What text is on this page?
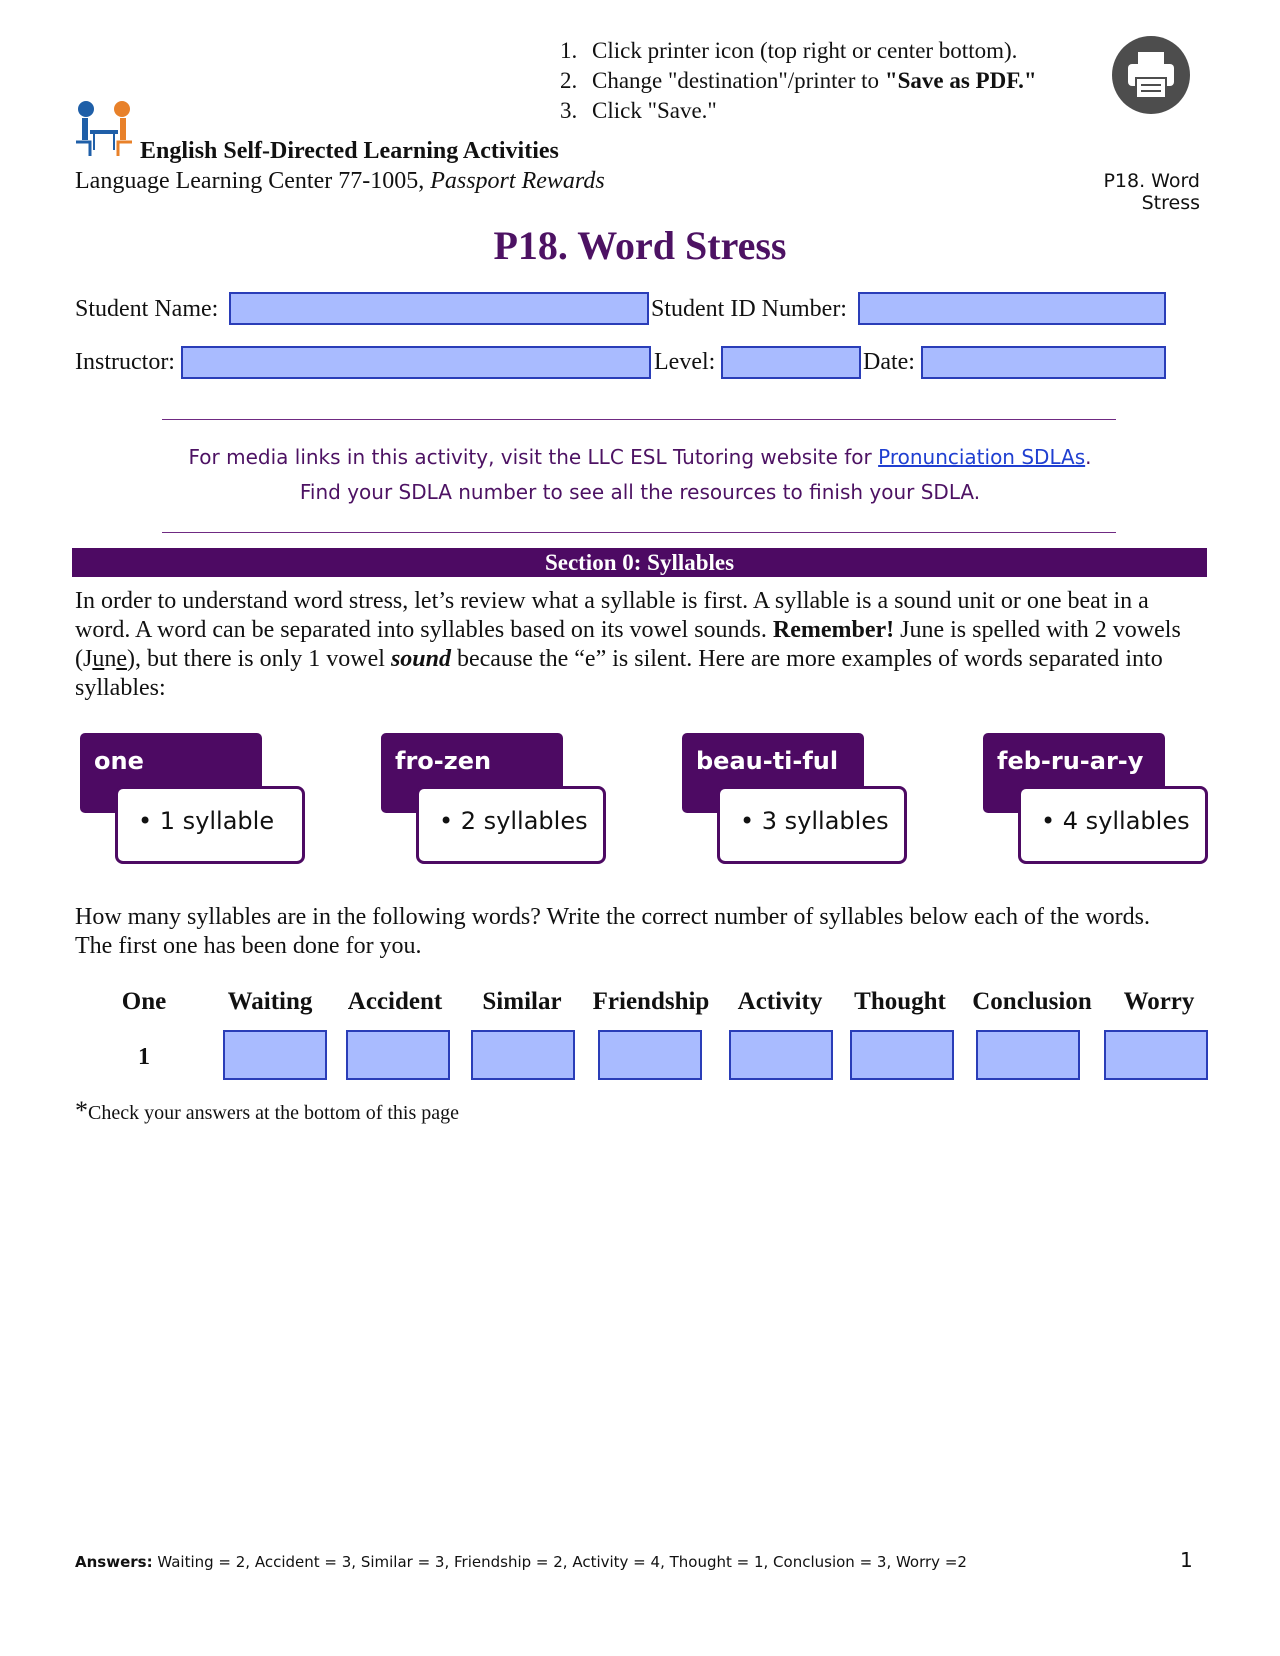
1. Click printer icon (top right or center bottom).
2. Change "destination"/printer to
"Save as PDF."
3. Click "Save."
English Self-Directed Learning Activities
Language Learning Center 77-1005, Passport Rewards	P18. Word Stress
P18. Word Stress
Student Name:	Student ID Number:
Instructor:	Level:	Date:
For media links in this activity, visit the LLC ESL Tutoring website for Pronunciation SDLAs.
Find your SDLA number to see all the resources to finish your SDLA.
Section 0: Syllables
In order to understand word stress, let’s review what a syllable is first. A syllable is a sound unit or one beat in a word. A word can be separated into syllables based on its vowel sounds. Remember! June is spelled with 2 vowels (June), but there is only 1 vowel sound because the “e” is silent. Here are more examples of words separated into syllables:
one
• 1 syllable
fro-zen
• 2 syllables
beau-ti-ful
• 3 syllables
feb-ru-ar-y
• 4 syllables
How many syllables are in the following words? Write the correct number of syllables below each of the words.
The first one has been done for you.
One	Waiting	Accident	Similar	Friendship	Activity	Thought	Conclusion	Worry
1
*Check your answers at the bottom of this page
Answers: Waiting = 2, Accident = 3, Similar = 3, Friendship = 2, Activity = 4, Thought = 1, Conclusion = 3, Worry =2	1
